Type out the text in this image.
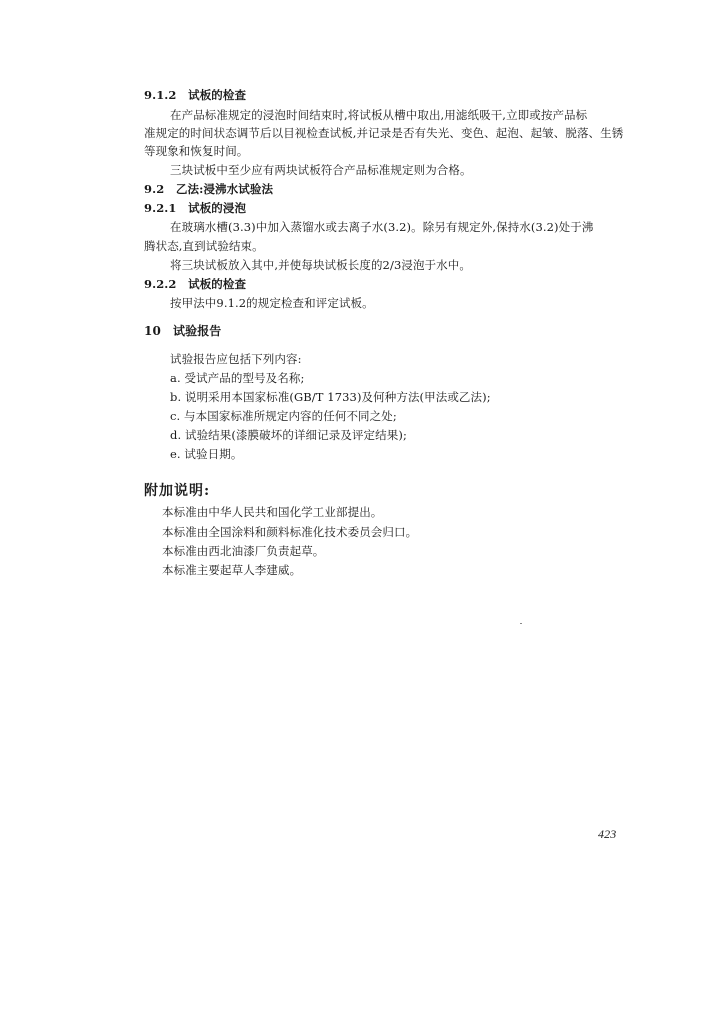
9.1.2　试板的检查
在产品标准规定的浸泡时间结束时,将试板从槽中取出,用滤纸吸干,立即或按产品标
准规定的时间状态调节后以目视检查试板,并记录是否有失光、变色、起泡、起皱、脱落、生锈
等现象和恢复时间。
三块试板中至少应有两块试板符合产品标准规定则为合格。
9.2　乙法:浸沸水试验法
9.2.1　试板的浸泡
在玻璃水槽(3.3)中加入蒸馏水或去离子水(3.2)。除另有规定外,保持水(3.2)处于沸
腾状态,直到试验结束。
将三块试板放入其中,并使每块试板长度的2/3浸泡于水中。
9.2.2　试板的检查
按甲法中9.1.2的规定检查和评定试板。
10　试验报告
试验报告应包括下列内容:
a. 受试产品的型号及名称;
b. 说明采用本国家标准(GB/T 1733)及何种方法(甲法或乙法);
c. 与本国家标准所规定内容的任何不同之处;
d. 试验结果(漆膜破坏的详细记录及评定结果);
e. 试验日期。
附加说明:
本标准由中华人民共和国化学工业部提出。
本标准由全国涂料和颜料标准化技术委员会归口。
本标准由西北油漆厂负责起草。
本标准主要起草人李建威。
423
